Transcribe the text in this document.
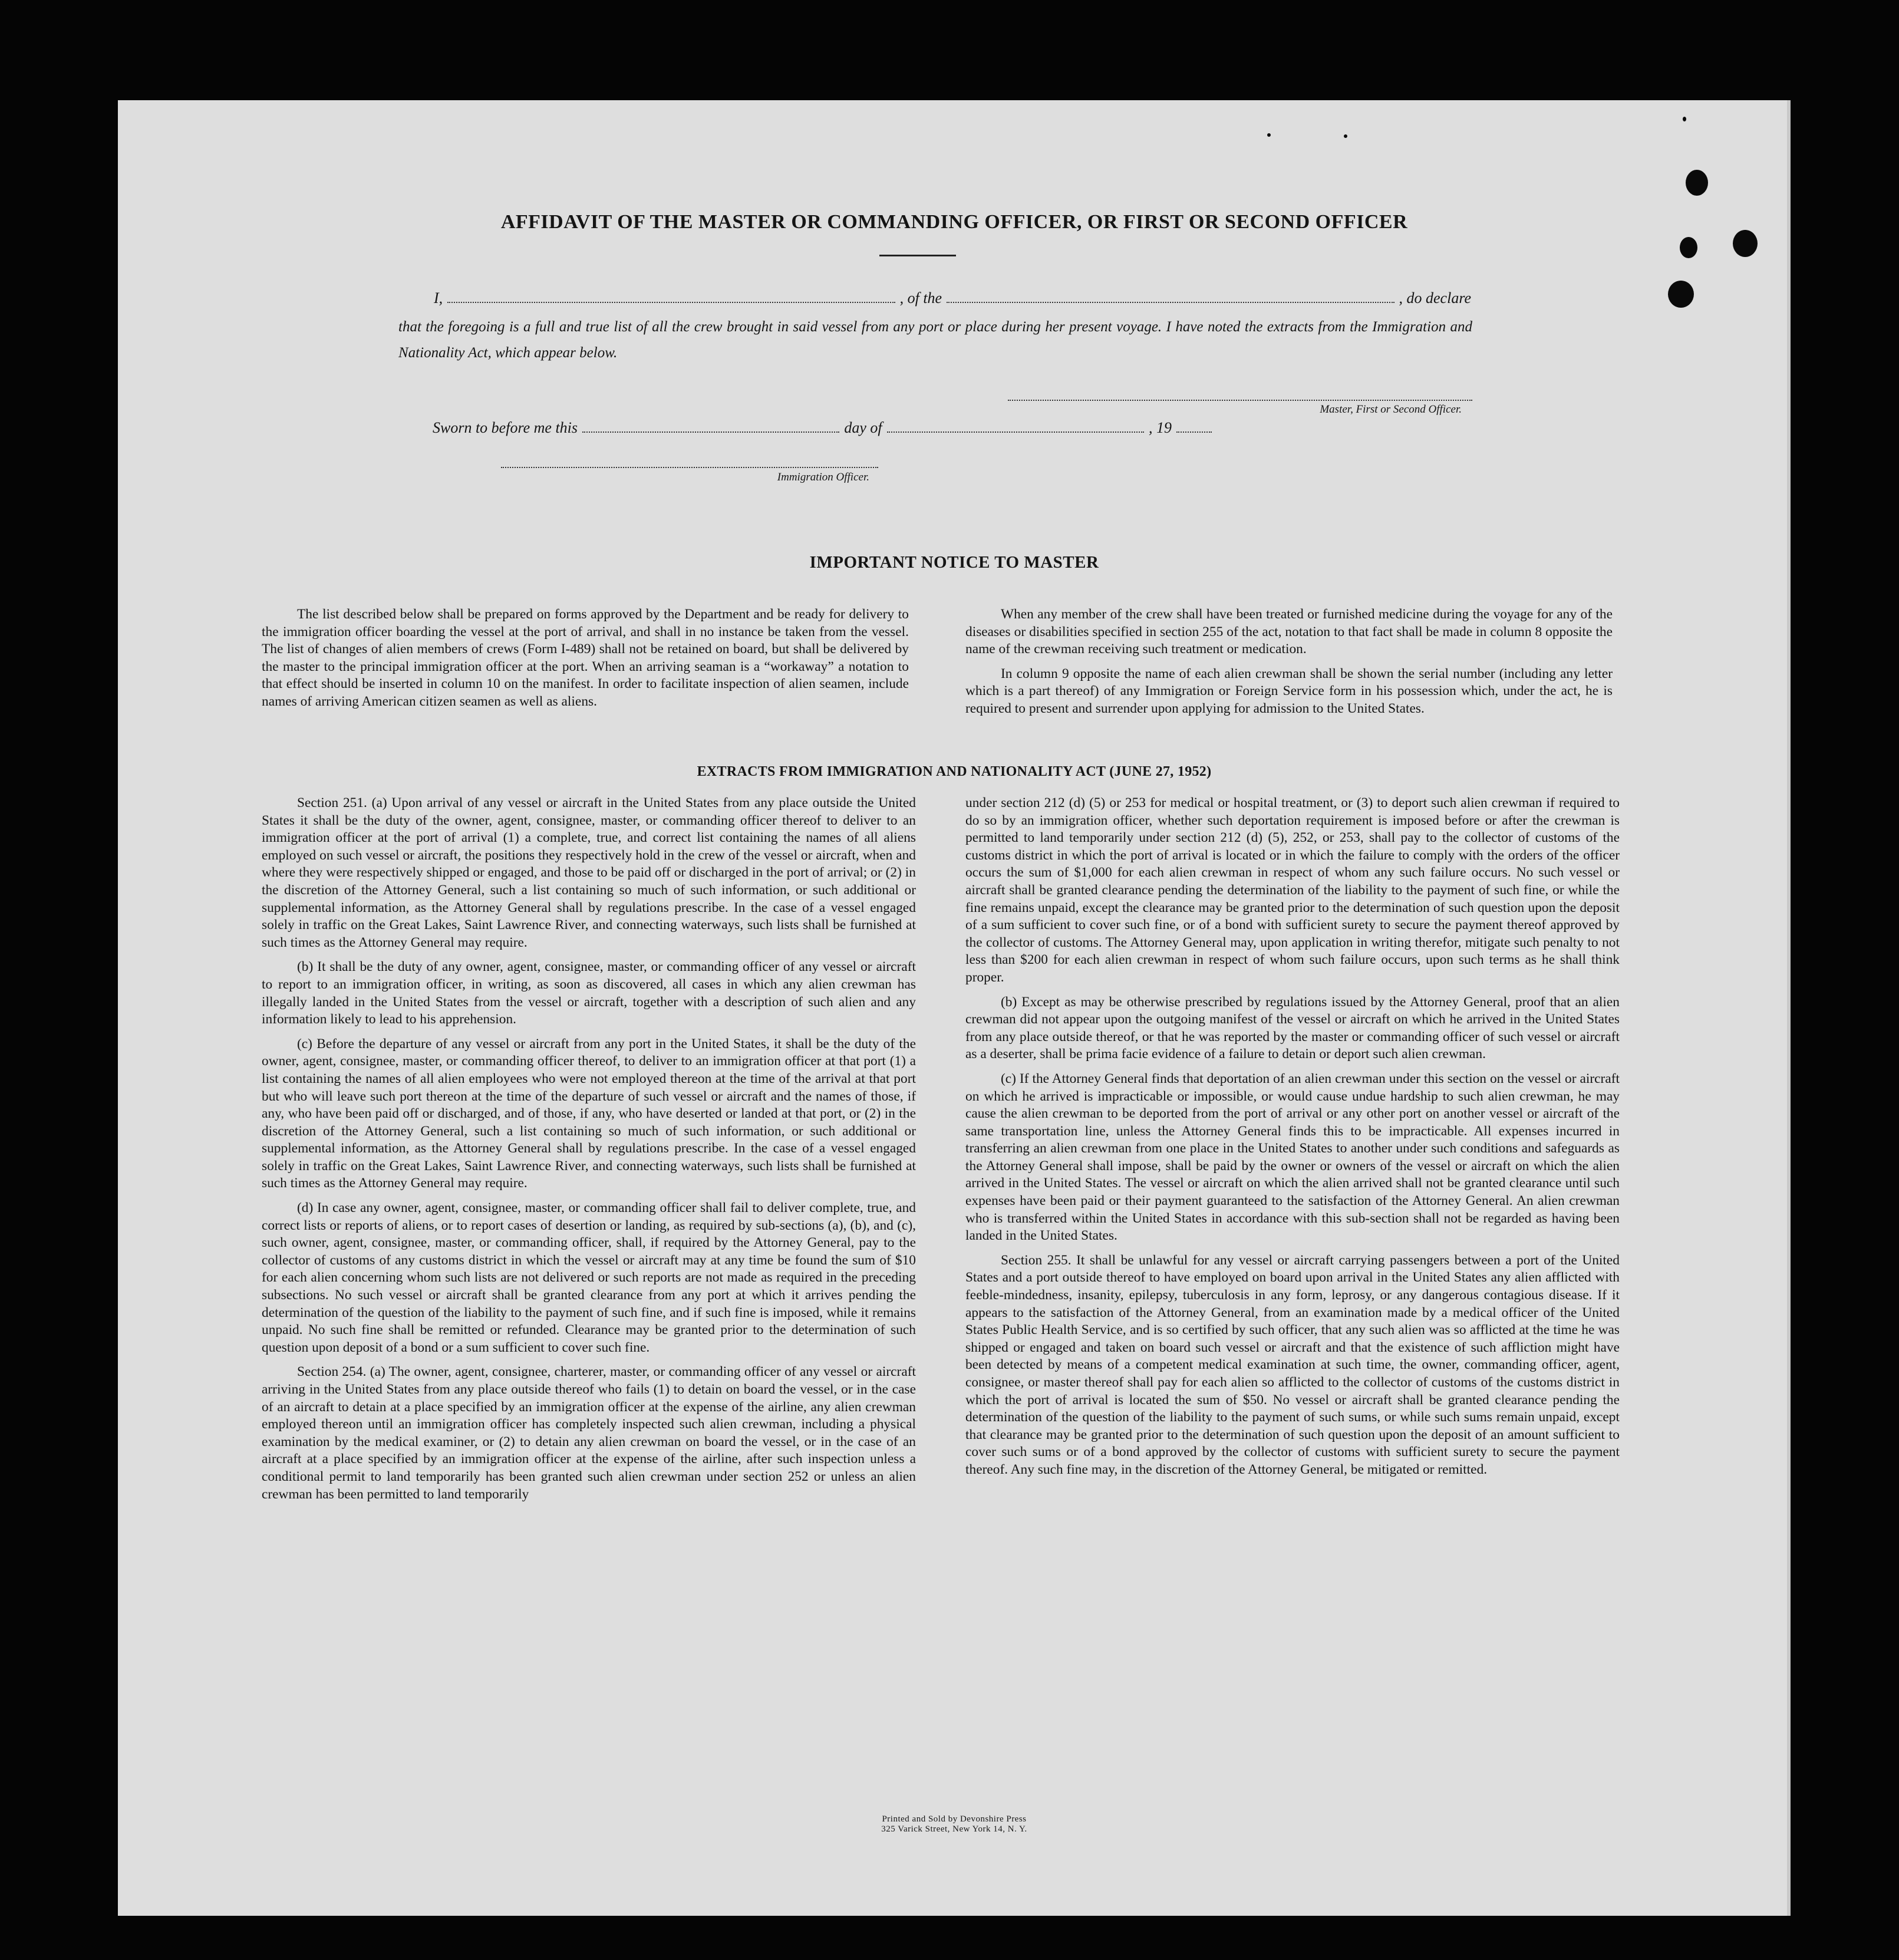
AFFIDAVIT OF THE MASTER OR COMMANDING OFFICER, OR FIRST OR SECOND OFFICER
I,	, of the	, do declare
that the foregoing is a full and true list of all the crew brought in said vessel from any port or place during her present voyage. I have noted the extracts from the Immigration and Nationality Act, which appear below.
Master, First or Second Officer.
Sworn to before me this	day of	, 19
Immigration Officer.
IMPORTANT NOTICE TO MASTER

The list described below shall be prepared on forms approved by the Department and be ready for delivery to the immigration officer boarding the vessel at the port of arrival, and shall in no instance be taken from the vessel. The list of changes of alien members of crews (Form I-489) shall not be retained on board, but shall be delivered by the master to the principal immigration officer at the port. When an arriving seaman is a “workaway” a notation to that effect should be inserted in column 10 on the manifest. In order to facilitate inspection of alien seamen, include names of arriving American citizen seamen as well as aliens.

When any member of the crew shall have been treated or furnished medicine during the voyage for any of the diseases or disabilities specified in section 255 of the act, notation to that fact shall be made in column 8 opposite the name of the crewman receiving such treatment or medication.

In column 9 opposite the name of each alien crewman shall be shown the serial number (including any letter which is a part thereof) of any Immigration or Foreign Service form in his possession which, under the act, he is required to present and surrender upon applying for admission to the United States.

EXTRACTS FROM IMMIGRATION AND NATIONALITY ACT (JUNE 27, 1952)

Section 251. (a) Upon arrival of any vessel or aircraft in the United States from any place outside the United States it shall be the duty of the owner, agent, consignee, master, or commanding officer thereof to deliver to an immigration officer at the port of arrival (1) a complete, true, and correct list containing the names of all aliens employed on such vessel or aircraft, the positions they respectively hold in the crew of the vessel or aircraft, when and where they were respectively shipped or engaged, and those to be paid off or discharged in the port of arrival; or (2) in the discretion of the Attorney General, such a list containing so much of such information, or such additional or supplemental information, as the Attorney General shall by regulations prescribe. In the case of a vessel engaged solely in traffic on the Great Lakes, Saint Lawrence River, and connecting waterways, such lists shall be furnished at such times as the Attorney General may require.

(b) It shall be the duty of any owner, agent, consignee, master, or commanding officer of any vessel or aircraft to report to an immigration officer, in writing, as soon as discovered, all cases in which any alien crewman has illegally landed in the United States from the vessel or aircraft, together with a description of such alien and any information likely to lead to his apprehension.

(c) Before the departure of any vessel or aircraft from any port in the United States, it shall be the duty of the owner, agent, consignee, master, or commanding officer thereof, to deliver to an immigration officer at that port (1) a list containing the names of all alien employees who were not employed thereon at the time of the arrival at that port but who will leave such port thereon at the time of the departure of such vessel or aircraft and the names of those, if any, who have been paid off or discharged, and of those, if any, who have deserted or landed at that port, or (2) in the discretion of the Attorney General, such a list containing so much of such information, or such additional or supplemental information, as the Attorney General shall by regulations prescribe. In the case of a vessel engaged solely in traffic on the Great Lakes, Saint Lawrence River, and connecting waterways, such lists shall be furnished at such times as the Attorney General may require.

(d) In case any owner, agent, consignee, master, or commanding officer shall fail to deliver complete, true, and correct lists or reports of aliens, or to report cases of desertion or landing, as required by sub-sections (a), (b), and (c), such owner, agent, consignee, master, or commanding officer, shall, if required by the Attorney General, pay to the collector of customs of any customs district in which the vessel or aircraft may at any time be found the sum of $10 for each alien concerning whom such lists are not delivered or such reports are not made as required in the preceding subsections. No such vessel or aircraft shall be granted clearance from any port at which it arrives pending the determination of the question of the liability to the payment of such fine, and if such fine is imposed, while it remains unpaid. No such fine shall be remitted or refunded. Clearance may be granted prior to the determination of such question upon deposit of a bond or a sum sufficient to cover such fine.

Section 254. (a) The owner, agent, consignee, charterer, master, or commanding officer of any vessel or aircraft arriving in the United States from any place outside thereof who fails (1) to detain on board the vessel, or in the case of an aircraft to detain at a place specified by an immigration officer at the expense of the airline, any alien crewman employed thereon until an immigration officer has completely inspected such alien crewman, including a physical examination by the medical examiner, or (2) to detain any alien crewman on board the vessel, or in the case of an aircraft at a place specified by an immigration officer at the expense of the airline, after such inspection unless a conditional permit to land temporarily has been granted such alien crewman under section 252 or unless an alien crewman has been permitted to land temporarily

under section 212 (d) (5) or 253 for medical or hospital treatment, or (3) to deport such alien crewman if required to do so by an immigration officer, whether such deportation requirement is imposed before or after the crewman is permitted to land temporarily under section 212 (d) (5), 252, or 253, shall pay to the collector of customs of the customs district in which the port of arrival is located or in which the failure to comply with the orders of the officer occurs the sum of $1,000 for each alien crewman in respect of whom any such failure occurs. No such vessel or aircraft shall be granted clearance pending the determination of the liability to the payment of such fine, or while the fine remains unpaid, except the clearance may be granted prior to the determination of such question upon the deposit of a sum sufficient to cover such fine, or of a bond with sufficient surety to secure the payment thereof approved by the collector of customs. The Attorney General may, upon application in writing therefor, mitigate such penalty to not less than $200 for each alien crewman in respect of whom such failure occurs, upon such terms as he shall think proper.

(b) Except as may be otherwise prescribed by regulations issued by the Attorney General, proof that an alien crewman did not appear upon the outgoing manifest of the vessel or aircraft on which he arrived in the United States from any place outside thereof, or that he was reported by the master or commanding officer of such vessel or aircraft as a deserter, shall be prima facie evidence of a failure to detain or deport such alien crewman.

(c) If the Attorney General finds that deportation of an alien crewman under this section on the vessel or aircraft on which he arrived is impracticable or impossible, or would cause undue hardship to such alien crewman, he may cause the alien crewman to be deported from the port of arrival or any other port on another vessel or aircraft of the same transportation line, unless the Attorney General finds this to be impracticable. All expenses incurred in transferring an alien crewman from one place in the United States to another under such conditions and safeguards as the Attorney General shall impose, shall be paid by the owner or owners of the vessel or aircraft on which the alien arrived in the United States. The vessel or aircraft on which the alien arrived shall not be granted clearance until such expenses have been paid or their payment guaranteed to the satisfaction of the Attorney General. An alien crewman who is transferred within the United States in accordance with this sub-section shall not be regarded as having been landed in the United States.

Section 255. It shall be unlawful for any vessel or aircraft carrying passengers between a port of the United States and a port outside thereof to have employed on board upon arrival in the United States any alien afflicted with feeble-mindedness, insanity, epilepsy, tuberculosis in any form, leprosy, or any dangerous contagious disease. If it appears to the satisfaction of the Attorney General, from an examination made by a medical officer of the United States Public Health Service, and is so certified by such officer, that any such alien was so afflicted at the time he was shipped or engaged and taken on board such vessel or aircraft and that the existence of such affliction might have been detected by means of a competent medical examination at such time, the owner, commanding officer, agent, consignee, or master thereof shall pay for each alien so afflicted to the collector of customs of the customs district in which the port of arrival is located the sum of $50. No vessel or aircraft shall be granted clearance pending the determination of the question of the liability to the payment of such sums, or while such sums remain unpaid, except that clearance may be granted prior to the determination of such question upon the deposit of an amount sufficient to cover such sums or of a bond approved by the collector of customs with sufficient surety to secure the payment thereof. Any such fine may, in the discretion of the Attorney General, be mitigated or remitted.

Printed and Sold by Devonshire Press
325 Varick Street, New York 14, N. Y.
